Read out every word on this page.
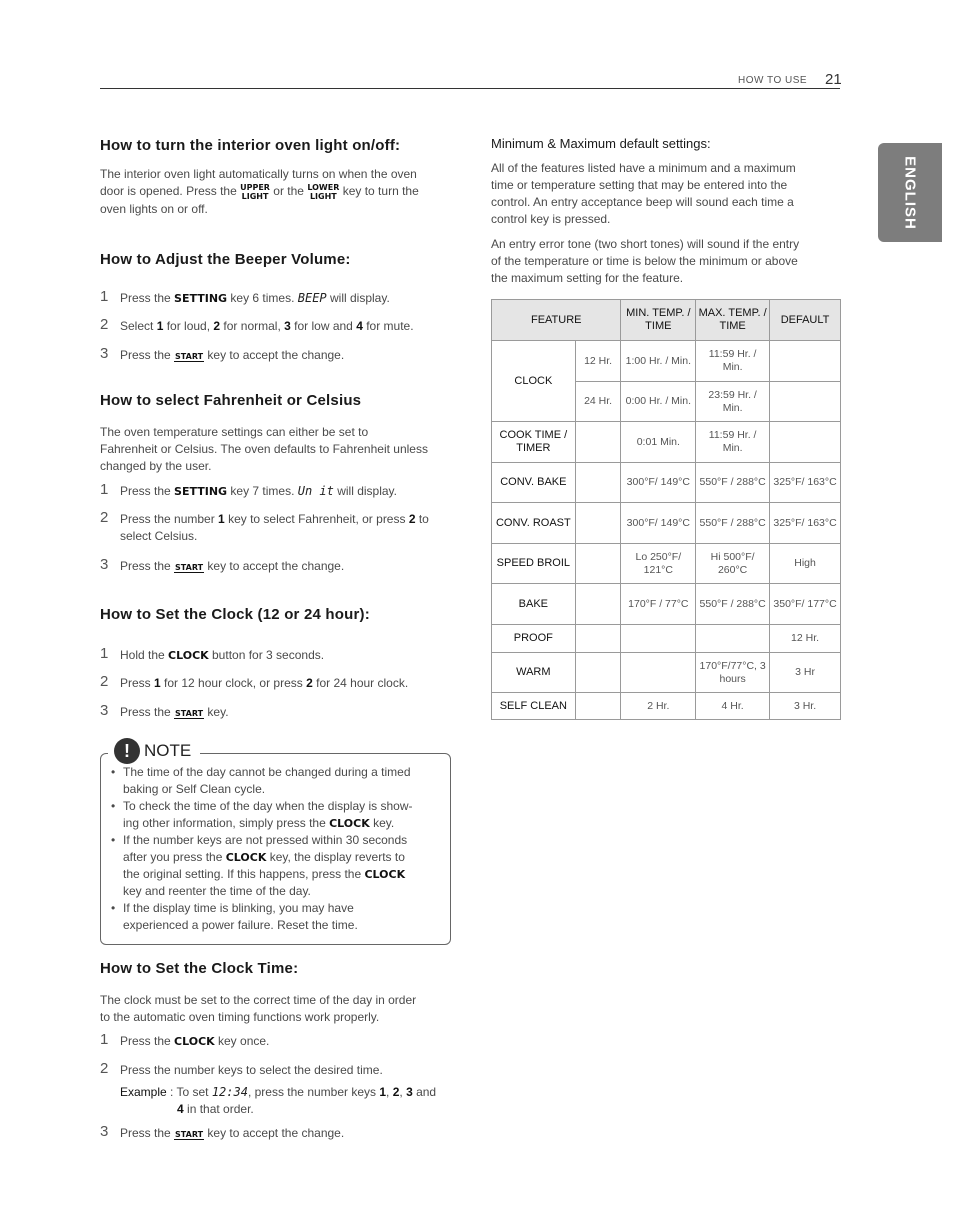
HOW TO USE 21
ENGLISH
How to turn the interior oven light on/off:
The interior oven light automatically turns on when the oven
door is opened. Press the UPPER
LIGHT or the LOWER
LIGHT key to turn the
oven lights on or off.
How to Adjust the Beeper Volume:
1 Press the SETTING key 6 times. BEEP will display.
2 Select 1 for loud, 2 for normal, 3 for low and 4 for mute.
3 Press the START key to accept the change.
How to select Fahrenheit or Celsius
The oven temperature settings can either be set to
Fahrenheit or Celsius. The oven defaults to Fahrenheit unless
changed by the user.
1 Press the SETTING key 7 times. Un it will display.
2 Press the number 1 key to select Fahrenheit, or press 2 to
select Celsius.
3 Press the START key to accept the change.
How to Set the Clock (12 or 24 hour):
1 Hold the CLOCK button for 3 seconds.
2 Press 1 for 12 hour clock, or press 2 for 24 hour clock.
3 Press the START key.
! NOTE
• The time of the day cannot be changed during a timed
baking or Self Clean cycle.
• To check the time of the day when the display is show-
ing other information, simply press the CLOCK key.
• If the number keys are not pressed within 30 seconds
after you press the CLOCK key, the display reverts to
the original setting. If this happens, press the CLOCK
key and reenter the time of the day.
• If the display time is blinking, you may have
experienced a power failure. Reset the time.
How to Set the Clock Time:
The clock must be set to the correct time of the day in order
to the automatic oven timing functions work properly.
1 Press the CLOCK key once.
2 Press the number keys to select the desired time.
Example : To set 12:34, press the number keys 1, 2, 3 and
4 in that order.
3 Press the START key to accept the change.
Minimum & Maximum default settings:
All of the features listed have a minimum and a maximum
time or temperature setting that may be entered into the
control. An entry acceptance beep will sound each time a
control key is pressed.
An entry error tone (two short tones) will sound if the entry
of the temperature or time is below the minimum or above
the maximum setting for the feature.
FEATURE		MIN. TEMP. / TIME	MAX. TEMP. / TIME	DEFAULT
CLOCK	12 Hr.	1:00 Hr. / Min.	11:59 Hr. / Min.	
	24 Hr.	0:00 Hr. / Min.	23:59 Hr. / Min.	
COOK TIME / TIMER		0:01 Min.	11:59 Hr. / Min.	
CONV. BAKE		300°F/ 149°C	550°F / 288°C	325°F/ 163°C
CONV. ROAST		300°F/ 149°C	550°F / 288°C	325°F/ 163°C
SPEED BROIL		Lo 250°F/ 121°C	Hi 500°F/ 260°C	High
BAKE		170°F / 77°C	550°F / 288°C	350°F/ 177°C
PROOF				12 Hr.
WARM			170°F/77°C, 3 hours	3 Hr
SELF CLEAN		2 Hr.	4 Hr.	3 Hr.
